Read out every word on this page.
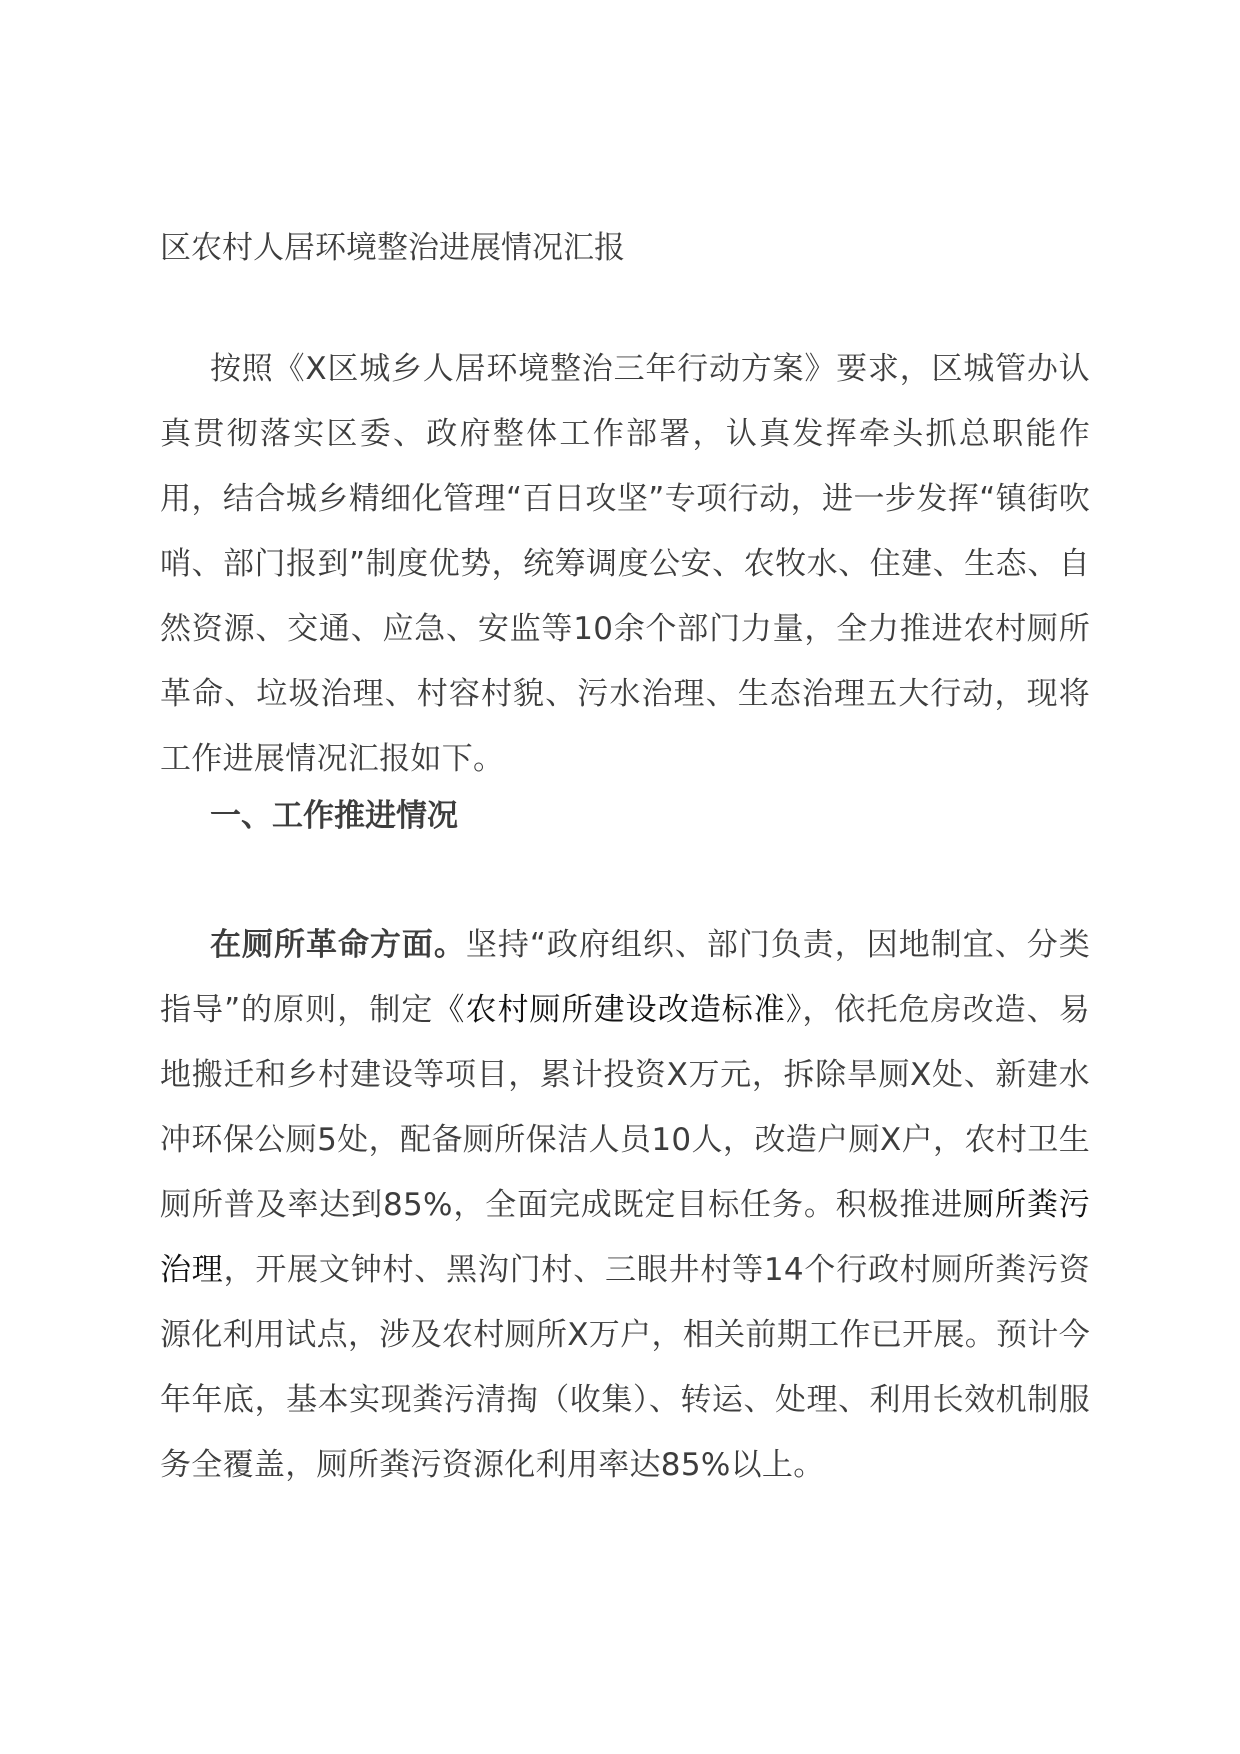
区农村人居环境整治进展情况汇报

按照《X区城乡人居环境整治三年行动方案》要求，区城管办认真贯彻落实区委、政府整体工作部署，认真发挥牵头抓总职能作用，结合城乡精细化管理“百日攻坚”专项行动，进一步发挥“镇街吹哨、部门报到”制度优势，统筹调度公安、农牧水、住建、生态、自然资源、交通、应急、安监等10余个部门力量，全力推进农村厕所革命、垃圾治理、村容村貌、污水治理、生态治理五大行动，现将工作进展情况汇报如下。

一、工作推进情况

在厕所革命方面。坚持“政府组织、部门负责，因地制宜、分类指导”的原则，制定《农村厕所建设改造标准》，依托危房改造、易地搬迁和乡村建设等项目，累计投资X万元，拆除旱厕X处、新建水冲环保公厕5处，配备厕所保洁人员10人，改造户厕X户，农村卫生厕所普及率达到85%，全面完成既定目标任务。积极推进厕所粪污治理，开展文钟村、黑沟门村、三眼井村等14个行政村厕所粪污资源化利用试点，涉及农村厕所X万户，相关前期工作已开展。预计今年年底，基本实现粪污清掏（收集）、转运、处理、利用长效机制服务全覆盖，厕所粪污资源化利用率达85%以上。
